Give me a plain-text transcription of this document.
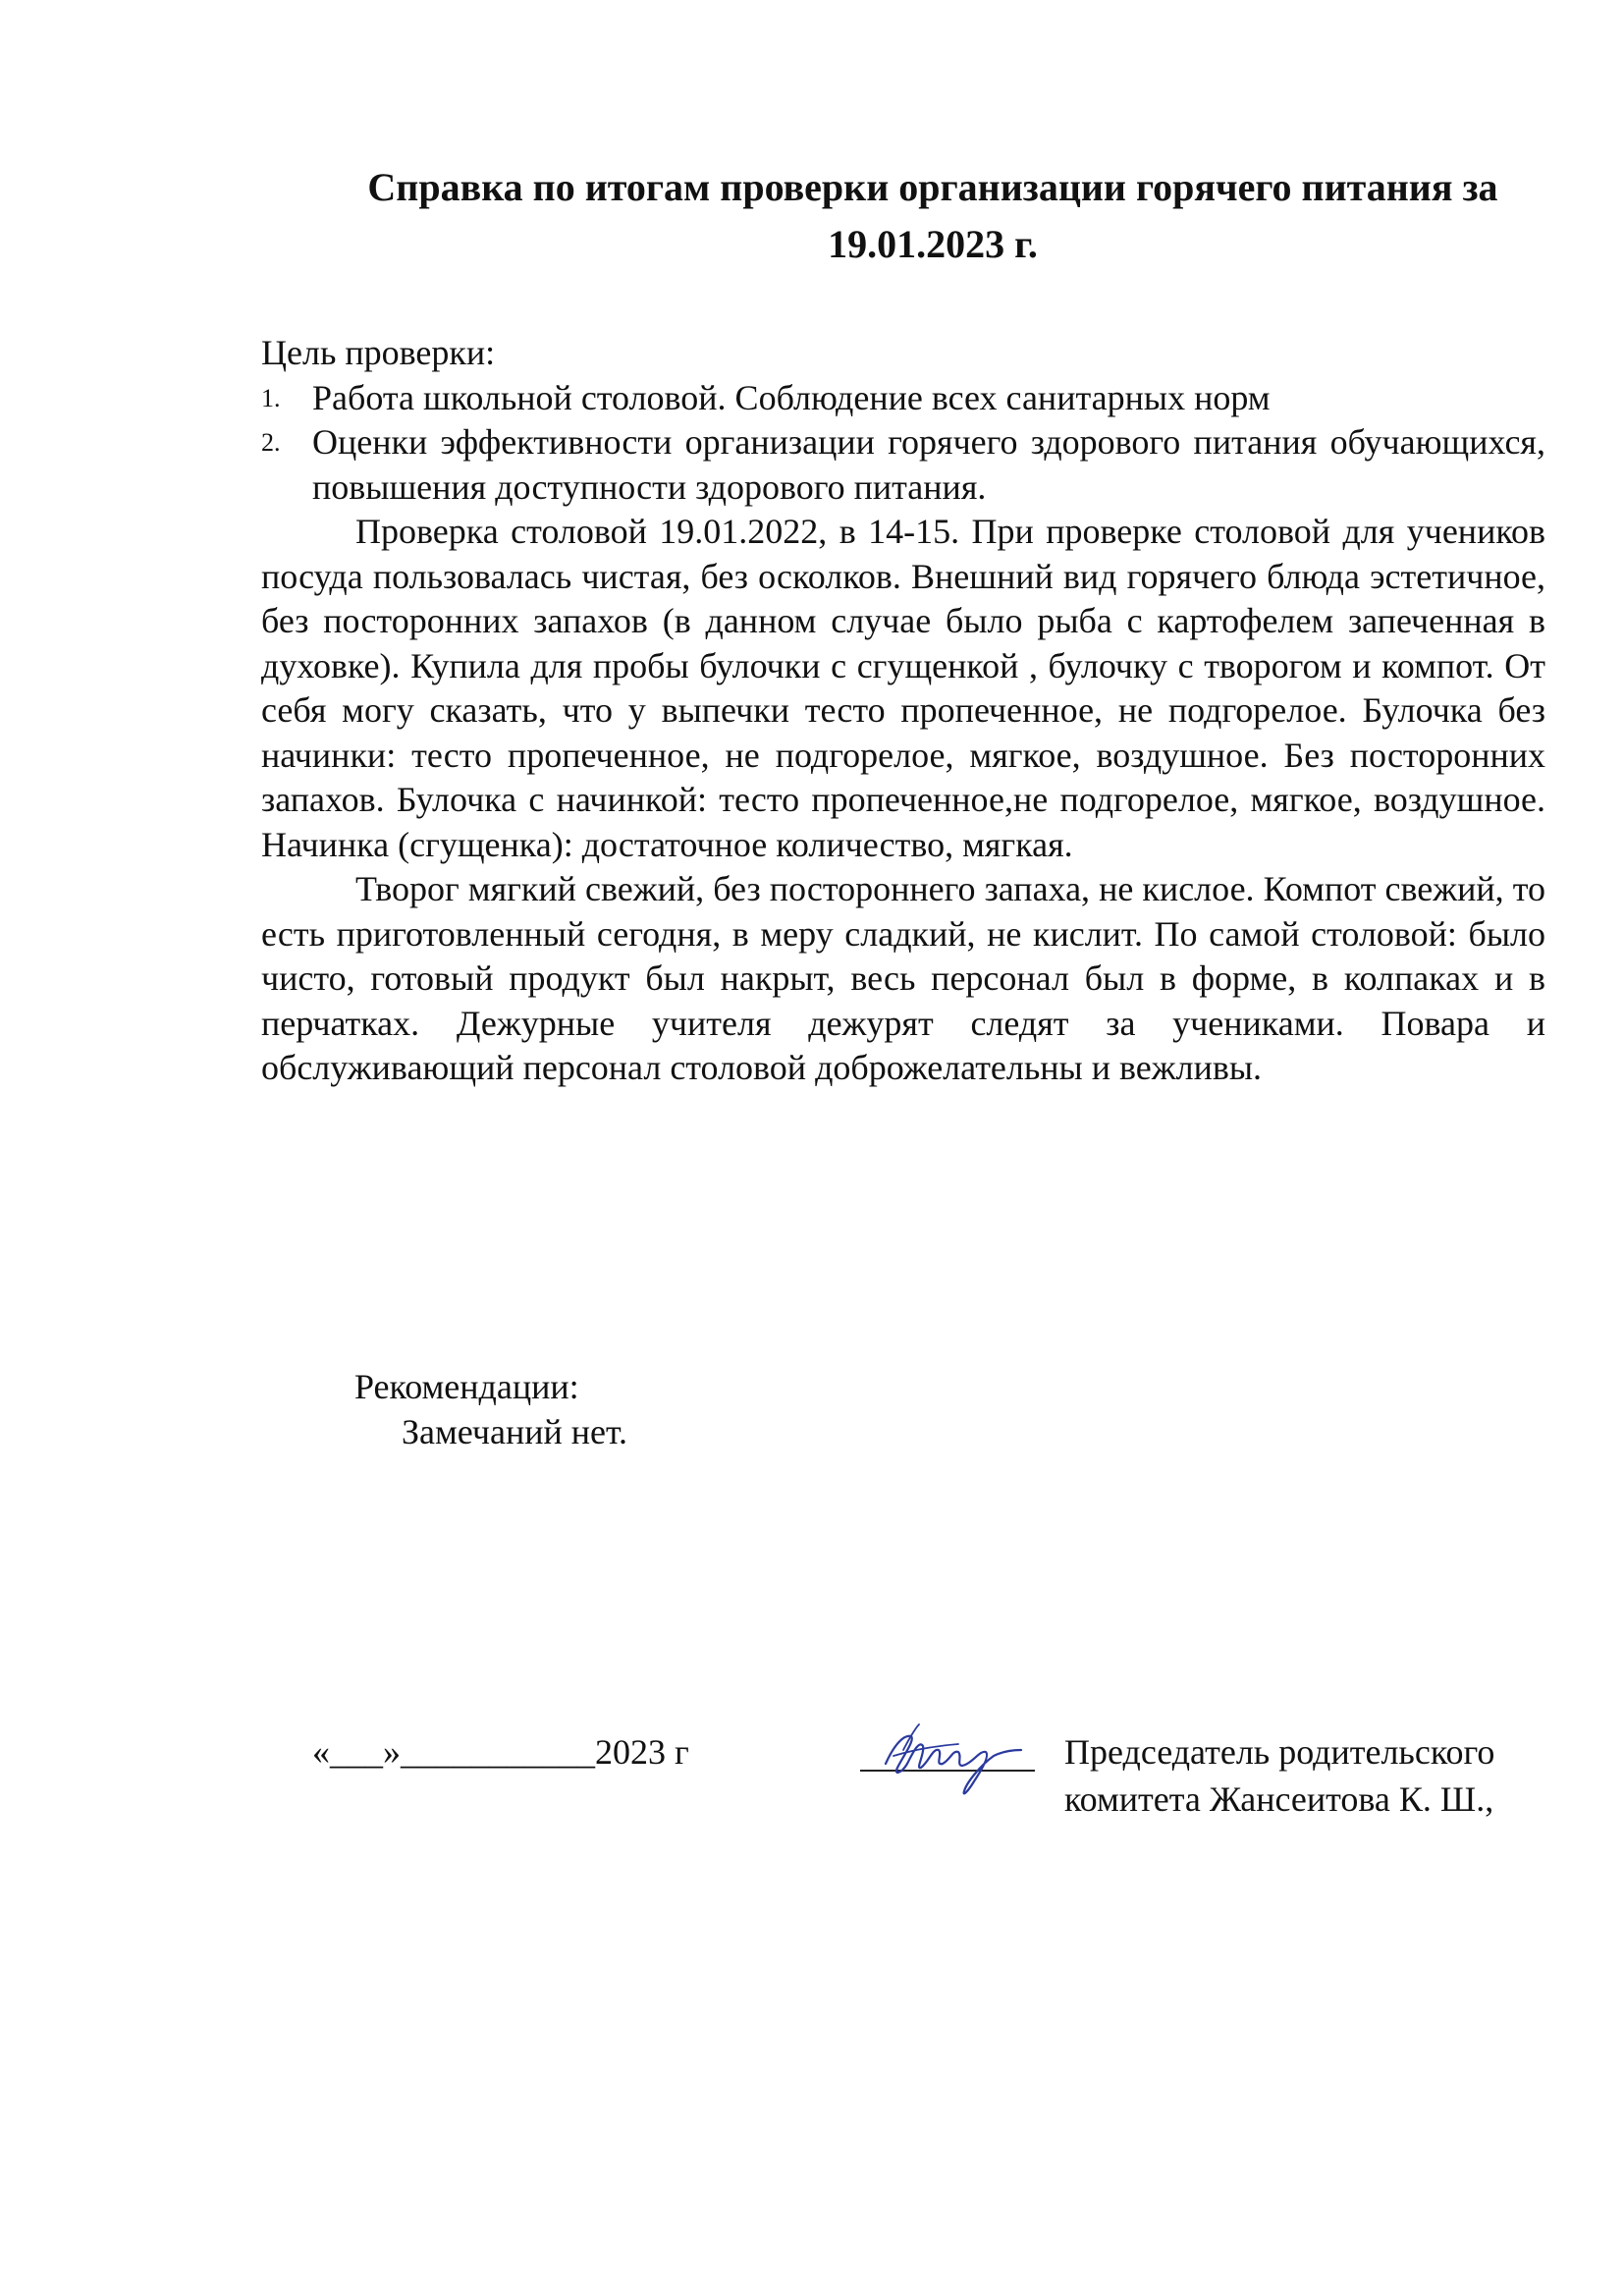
Справка по итогам проверки организации горячего питания за
19.01.2023 г.

Цель проверки:

1. Работа школьной столовой. Соблюдение всех санитарных норм
2. Оценки эффективности организации горячего здорового питания обучающихся, повышения доступности здорового питания.

Проверка столовой 19.01.2022, в 14-15. При проверке столовой для учеников посуда пользовалась чистая, без осколков. Внешний вид горячего блюда эстетичное, без посторонних запахов (в данном случае было рыба с картофелем запеченная в духовке). Купила для пробы булочки с сгущенкой , булочку с творогом и компот. От себя могу сказать, что у выпечки тесто пропеченное, не подгорелое. Булочка без начинки: тесто пропеченное, не подгорелое, мягкое, воздушное. Без посторонних запахов. Булочка с начинкой: тесто пропеченное,не подгорелое, мягкое, воздушное. Начинка (сгущенка): достаточное количество, мягкая.

Творог мягкий свежий, без постороннего запаха, не кислое. Компот свежий, то есть приготовленный сегодня, в меру сладкий, не кислит. По самой столовой: было чисто, готовый продукт был накрыт, весь персонал был в форме, в колпаках и в перчатках. Дежурные учителя дежурят следят за учениками. Повара и обслуживающий персонал столовой доброжелательны и вежливы.

Рекомендации:

Замечаний нет.

«___»___________2023 г	Председатель родительского
комитета Жансеитова К. Ш.,
